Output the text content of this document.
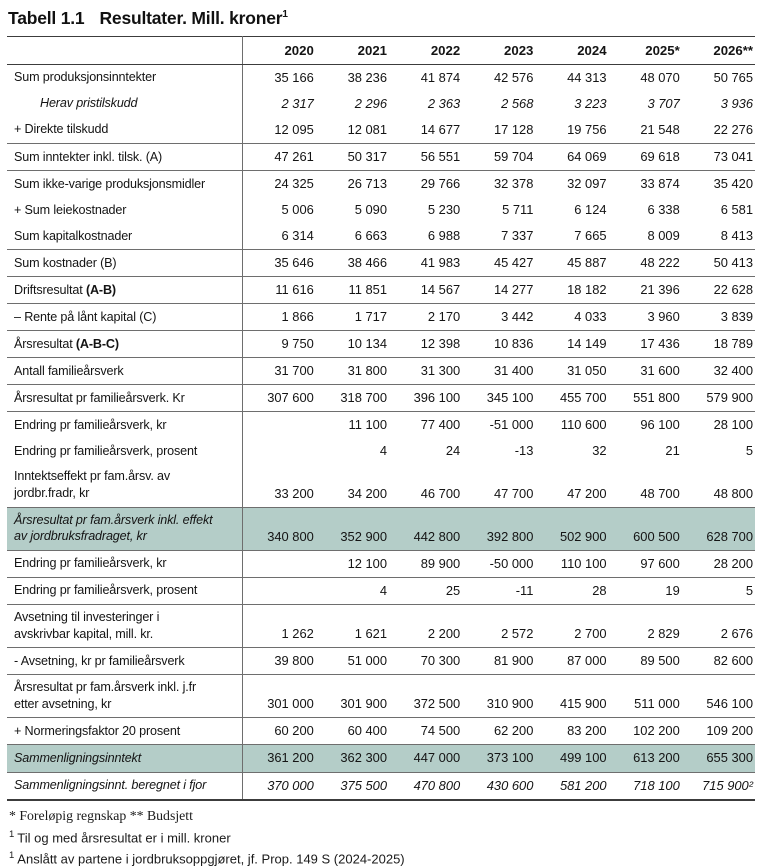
Tabell 1.1 Resultater. Mill. kroner$^1$
	2020	2021	2022	2023	2024	2025*	2026**

Sum produksjonsinntekter	35 166	38 236	41 874	42 576	44 313	48 070	50 765

Herav pristilskudd	2 317	2 296	2 363	2 568	3 223	3 707	3 936

+ Direkte tilskudd	12 095	12 081	14 677	17 128	19 756	21 548	22 276

Sum inntekter inkl. tilsk. (A)	47 261	50 317	56 551	59 704	64 069	69 618	73 041

Sum ikke-varige produksjonsmidler	24 325	26 713	29 766	32 378	32 097	33 874	35 420

+ Sum leiekostnader	5 006	5 090	5 230	5 711	6 124	6 338	6 581

Sum kapitalkostnader	6 314	6 663	6 988	7 337	7 665	8 009	8 413

Sum kostnader (B)	35 646	38 466	41 983	45 427	45 887	48 222	50 413

Driftsresultat (A-B)	11 616	11 851	14 567	14 277	18 182	21 396	22 628

– Rente på lånt kapital (C)	1 866	1 717	2 170	3 442	4 033	3 960	3 839

Årsresultat (A-B-C)	9 750	10 134	12 398	10 836	14 149	17 436	18 789

Antall familieårsverk	31 700	31 800	31 300	31 400	31 050	31 600	32 400

Årsresultat pr familieårsverk. Kr	307 600	318 700	396 100	345 100	455 700	551 800	579 900

Endring pr familieårsverk, kr		11 100	77 400	-51 000	110 600	96 100	28 100

Endring pr familieårsverk, prosent		4	24	-13	32	21	5

Inntektseffekt pr fam.årsv. av
jordbr.fradr, kr	33 200	34 200	46 700	47 700	47 200	48 700	48 800

Årsresultat pr fam.årsverk inkl. effekt
av jordbruksfradraget, kr	340 800	352 900	442 800	392 800	502 900	600 500	628 700

Endring pr familieårsverk, kr		12 100	89 900	-50 000	110 100	97 600	28 200

Endring pr familieårsverk, prosent		4	25	-11	28	19	5

Avsetning til investeringer i
avskrivbar kapital, mill. kr.	1 262	1 621	2 200	2 572	2 700	2 829	2 676

- Avsetning, kr pr familieårsverk	39 800	51 000	70 300	81 900	87 000	89 500	82 600

Årsresultat pr fam.årsverk inkl. j.fr
etter avsetning, kr	301 000	301 900	372 500	310 900	415 900	511 000	546 100

+ Normeringsfaktor 20 prosent	60 200	60 400	74 500	62 200	83 200	102 200	109 200

Sammenligningsinntekt	361 200	362 300	447 000	373 100	499 100	613 200	655 300

Sammenligningsinnt. beregnet i fjor	370 000	375 500	470 800	430 600	581 200	718 100	715 900²
* Foreløpig regnskap ** Budsjett
$^1$ Til og med årsresultat er i mill. kroner
$^1$ Anslått av partene i jordbruksoppgjøret, jf. Prop. 149 S (2024-2025)
